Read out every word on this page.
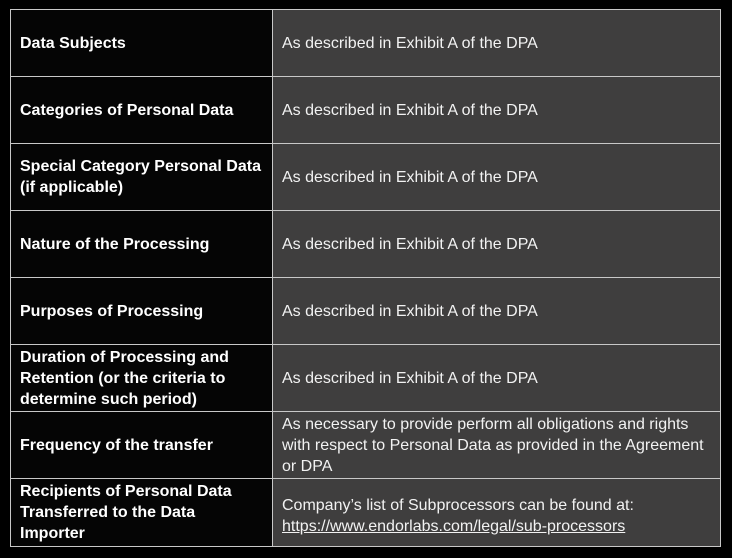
Data Subjects	As described in Exhibit A of the DPA
Categories of Personal Data	As described in Exhibit A of the DPA
Special Category Personal Data (if applicable)	As described in Exhibit A of the DPA
Nature of the Processing	As described in Exhibit A of the DPA
Purposes of Processing	As described in Exhibit A of the DPA
Duration of Processing and Retention (or the criteria to determine such period)	As described in Exhibit A of the DPA
Frequency of the transfer	As necessary to provide perform all obligations and rights with respect to Personal Data as provided in the Agreement or DPA
Recipients of Personal Data Transferred to the Data Importer	Company’s list of Subprocessors can be found at:
https://www.endorlabs.com/legal/sub-processors
